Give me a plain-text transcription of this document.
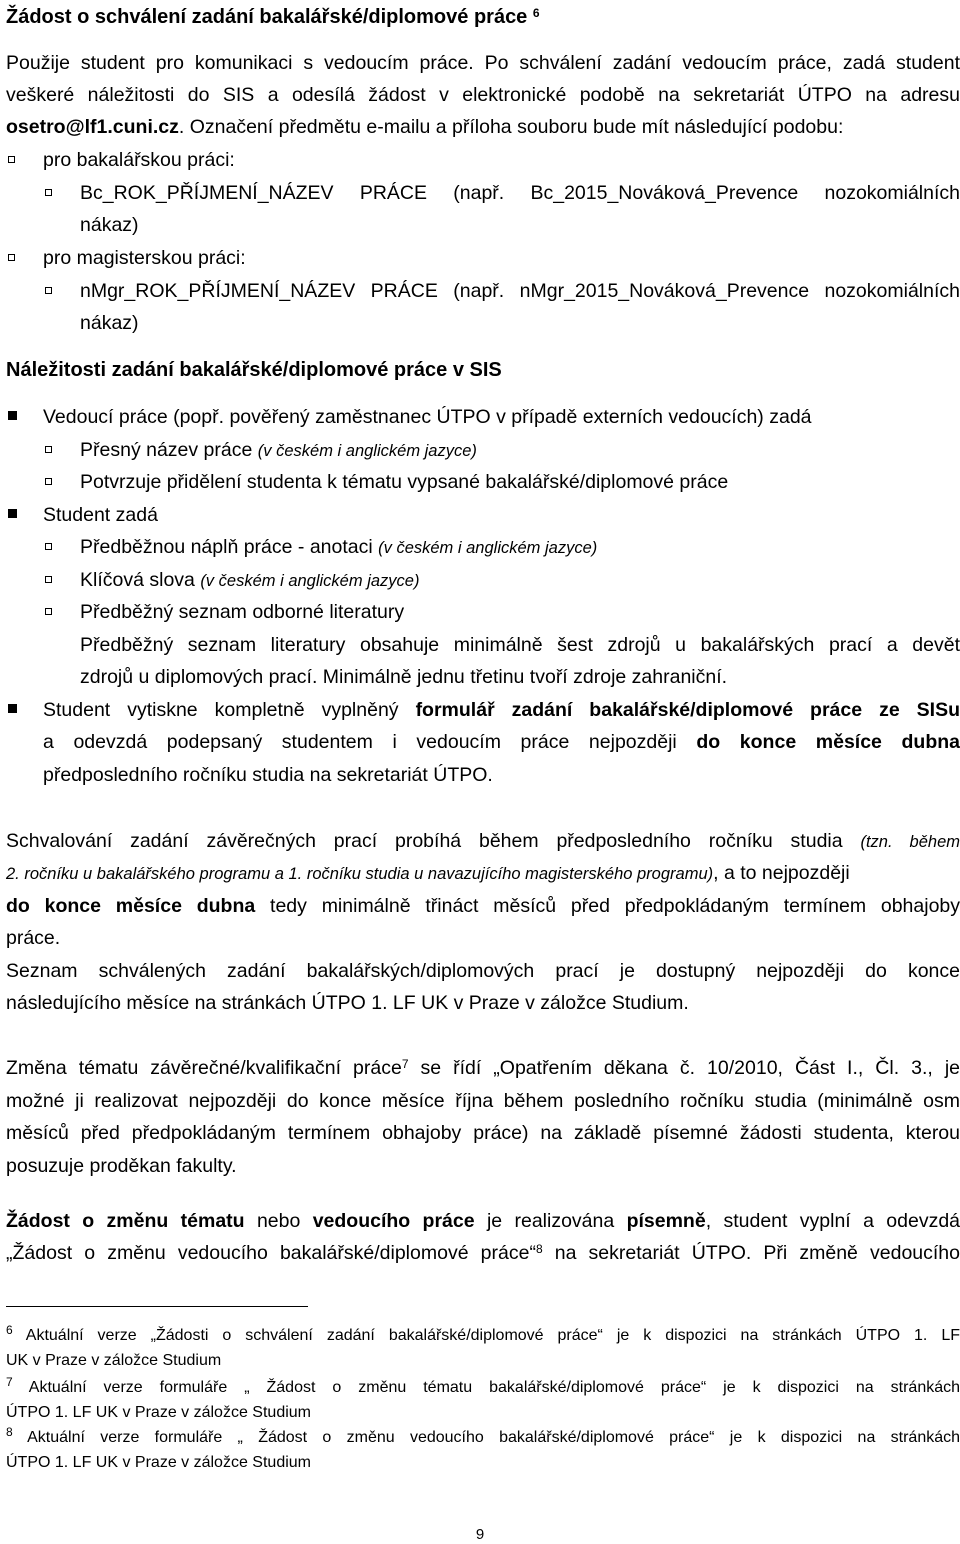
Žádost o schválení zadání bakalářské/diplomové práce $^6$
Použije student pro komunikaci s vedoucím práce. Po schválení zadání vedoucím práce, zadá student
veškeré náležitosti do SIS a odesílá žádost v elektronické podobě na sekretariát ÚTPO na adresu
osetro@lf1.cuni.cz. Označení předmětu e-mailu a příloha souboru bude mít následující podobu:
pro bakalářskou práci:
Bc_ROK_PŘÍJMENÍ_NÁZEV PRÁCE (např. Bc_2015_Nováková_Prevence nozokomiálních
nákaz)
pro magisterskou práci:
nMgr_ROK_PŘÍJMENÍ_NÁZEV PRÁCE (např. nMgr_2015_Nováková_Prevence nozokomiálních
nákaz)
Náležitosti zadání bakalářské/diplomové práce v SIS
Vedoucí práce (popř. pověřený zaměstnanec ÚTPO v případě externích vedoucích) zadá
Přesný název práce (v českém i anglickém jazyce)
Potvrzuje přidělení studenta k tématu vypsané bakalářské/diplomové práce
Student zadá
Předběžnou náplň práce - anotaci (v českém i anglickém jazyce)
Klíčová slova (v českém i anglickém jazyce)
Předběžný seznam odborné literatury
Předběžný seznam literatury obsahuje minimálně šest zdrojů u bakalářských prací a devět
zdrojů u diplomových prací. Minimálně jednu třetinu tvoří zdroje zahraniční.
Student vytiskne kompletně vyplněný formulář zadání bakalářské/diplomové práce ze SISu
a odevzdá podepsaný studentem i vedoucím práce nejpozději do konce měsíce dubna
předposledního ročníku studia na sekretariát ÚTPO.
Schvalování zadání závěrečných prací probíhá během předposledního ročníku studia (tzn. během
2. ročníku u bakalářského programu a 1. ročníku studia u navazujícího magisterského programu), a to nejpozději
do konce měsíce dubna tedy minimálně třináct měsíců před předpokládaným termínem obhajoby
práce.
Seznam schválených zadání bakalářských/diplomových prací je dostupný nejpozději do konce
následujícího měsíce na stránkách ÚTPO 1. LF UK v Praze v záložce Studium.
Změna tématu závěrečné/kvalifikační práce$^7$ se řídí „Opatřením děkana č. 10/2010, Část I., Čl. 3., je
možné ji realizovat nejpozději do konce měsíce října během posledního ročníku studia (minimálně osm
měsíců před předpokládaným termínem obhajoby práce) na základě písemné žádosti studenta, kterou
posuzuje proděkan fakulty.
Žádost o změnu tématu nebo vedoucího práce je realizována písemně, student vyplní a odevzdá
„Žádost o změnu vedoucího bakalářské/diplomové práce“$^8$ na sekretariát ÚTPO. Při změně vedoucího
$^6$ Aktuální verze „Žádosti o schválení zadání bakalářské/diplomové práce“ je k dispozici na stránkách ÚTPO 1. LF
UK v Praze v záložce Studium
$^7$ Aktuální verze formuláře „ Žádost o změnu tématu bakalářské/diplomové práce“ je k dispozici na stránkách
ÚTPO 1. LF UK v Praze v záložce Studium
$^8$ Aktuální verze formuláře „ Žádost o změnu vedoucího bakalářské/diplomové práce“ je k dispozici na stránkách
ÚTPO 1. LF UK v Praze v záložce Studium
9
